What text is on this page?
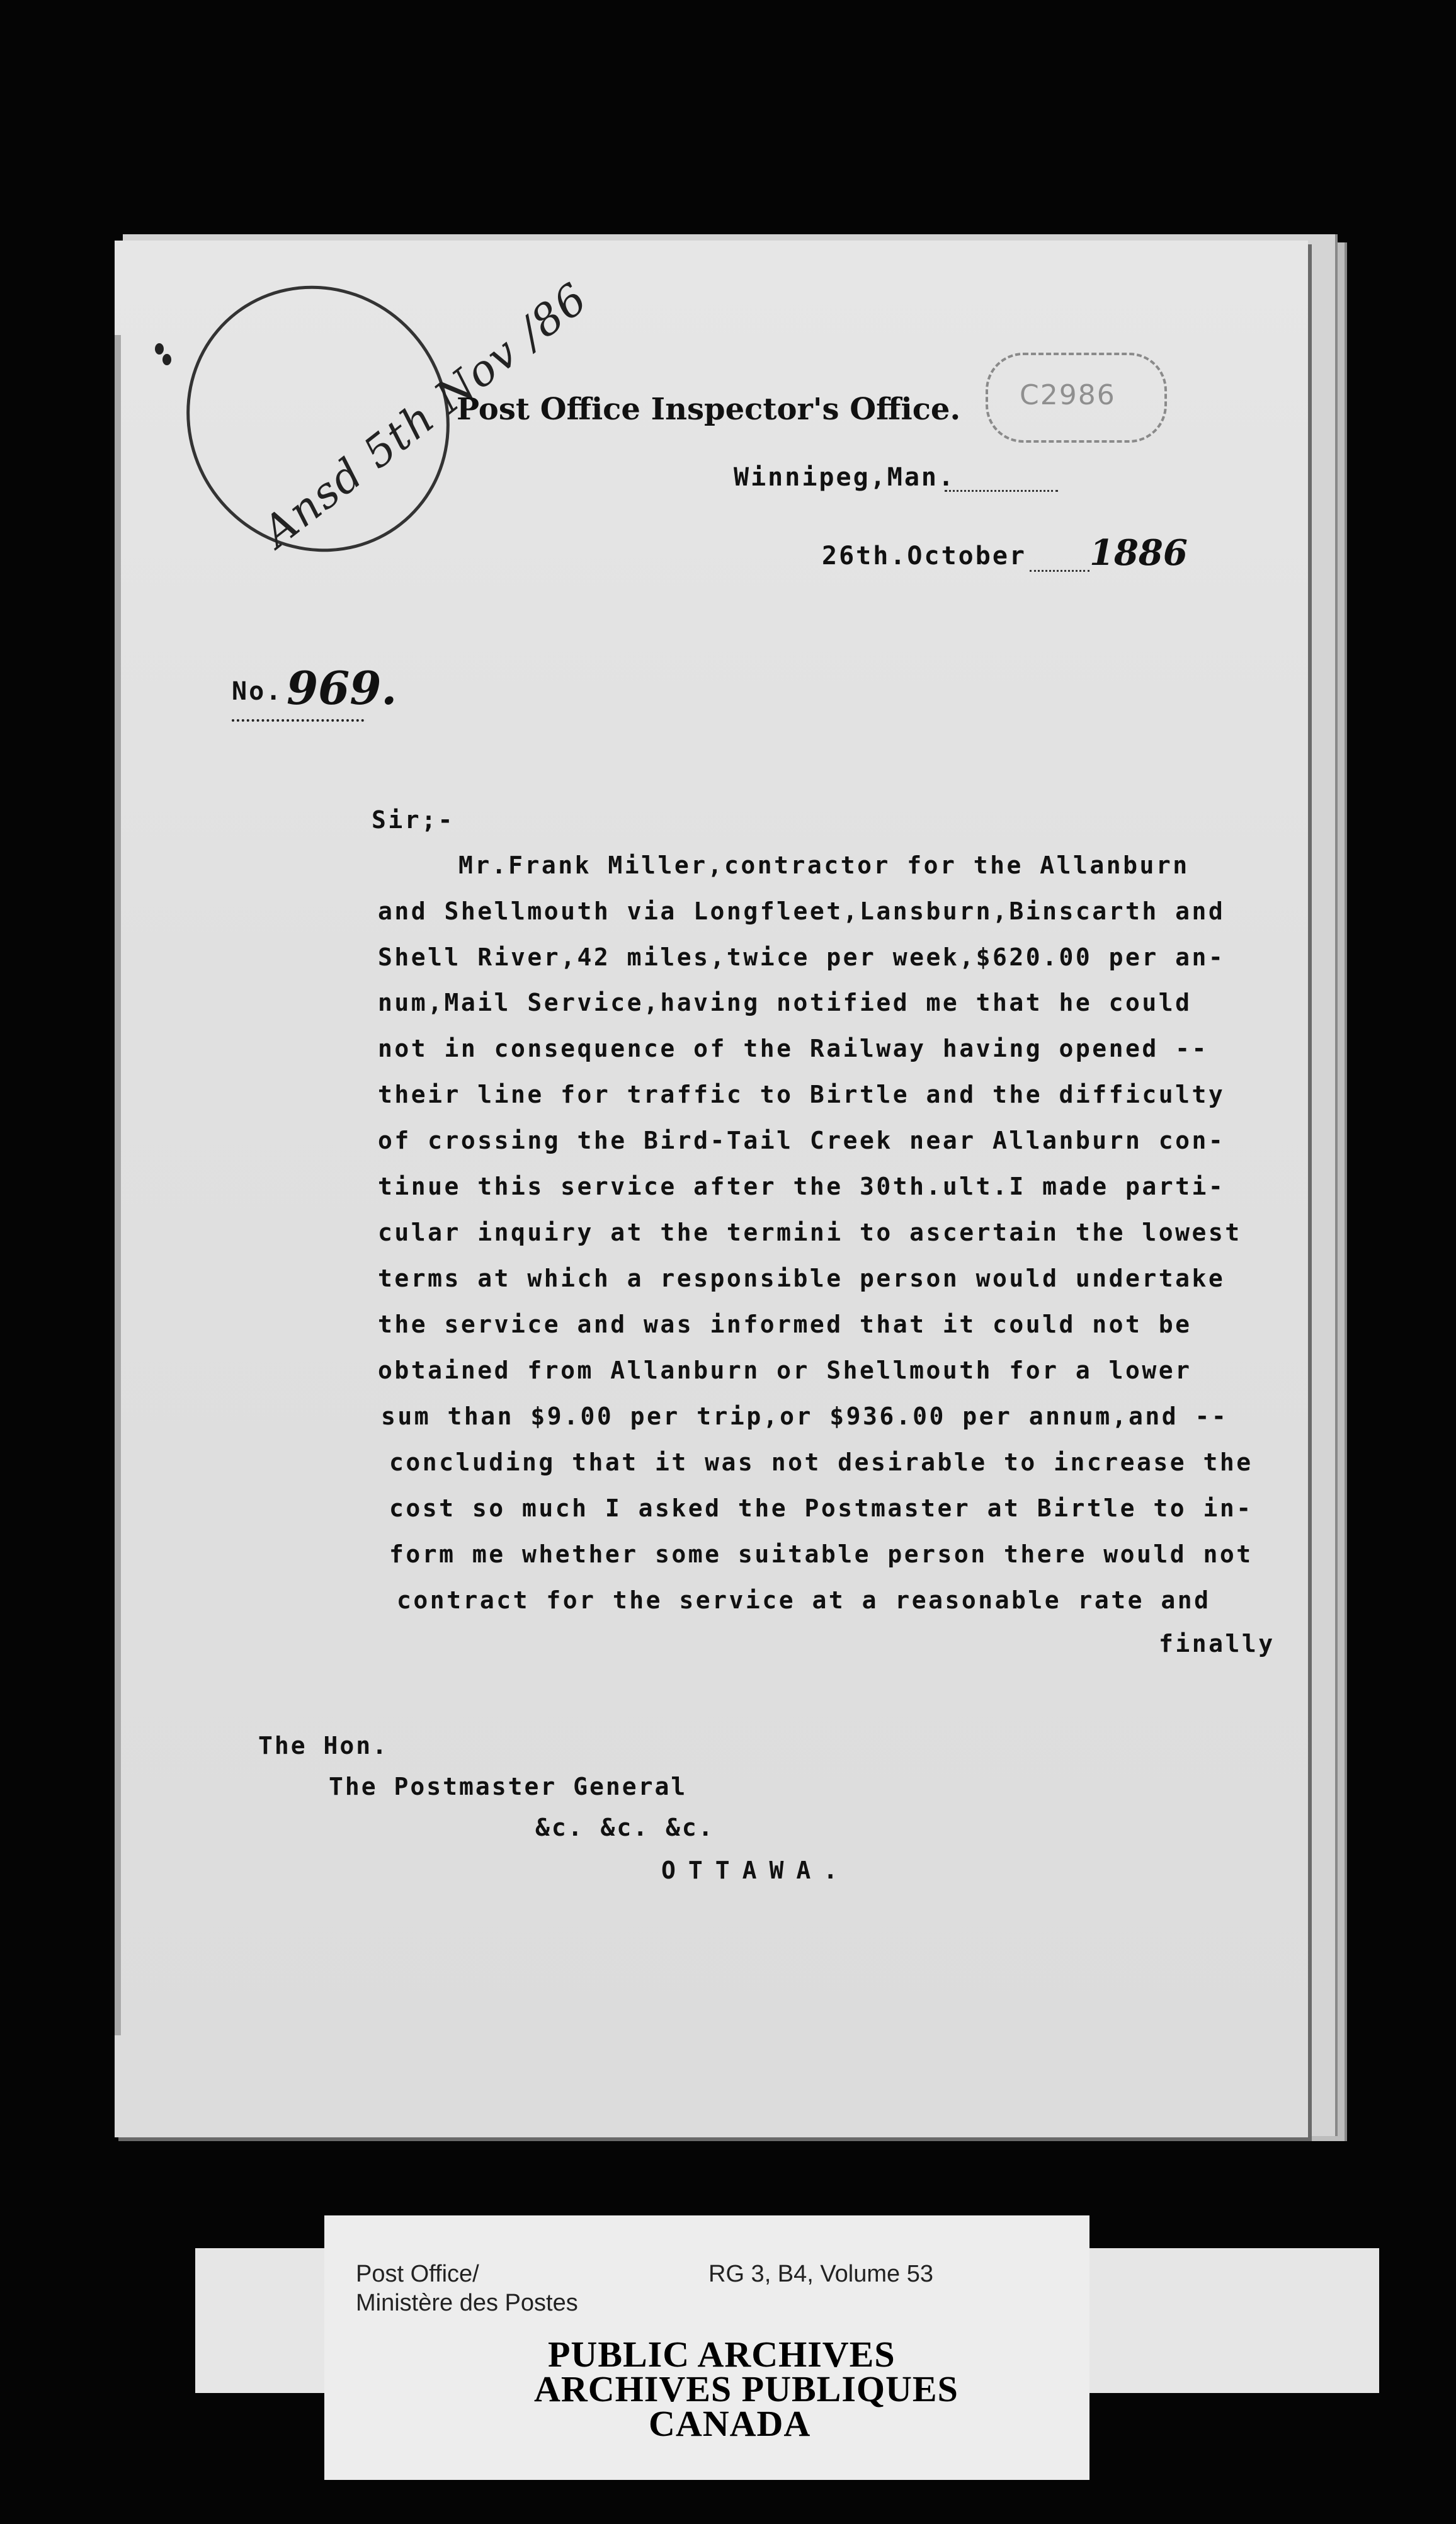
Ansd 5th Nov /86	C2986
Post Office Inspector's Office.
Winnipeg,Man.
26th.October 1886
No. 969.
Sir;-
Mr.Frank Miller,contractor for the Allanburn
and Shellmouth via Longfleet,Lansburn,Binscarth and
Shell River,42 miles,twice per week,$620.00 per an-
num,Mail Service,having notified me that he could
not in consequence of the Railway having opened --
their line for traffic to Birtle and the difficulty
of crossing the Bird-Tail Creek near Allanburn con-
tinue this service after the 30th.ult.I made parti-
cular inquiry at the termini to ascertain the lowest
terms at which a responsible person would undertake
the service and was informed that it could not be
obtained from Allanburn or Shellmouth for a lower
sum than $9.00 per trip,or $936.00 per annum,and --
concluding that it was not desirable to increase the
cost so much I asked the Postmaster at Birtle to in-
form me whether some suitable person there would not
contract for the service at a reasonable rate and
finally
The Hon.
The Postmaster General
&c. &c. &c.
OTTAWA.
Post Office/
Ministère des Postes
RG 3, B4, Volume 53
PUBLIC ARCHIVES
ARCHIVES PUBLIQUES
CANADA
